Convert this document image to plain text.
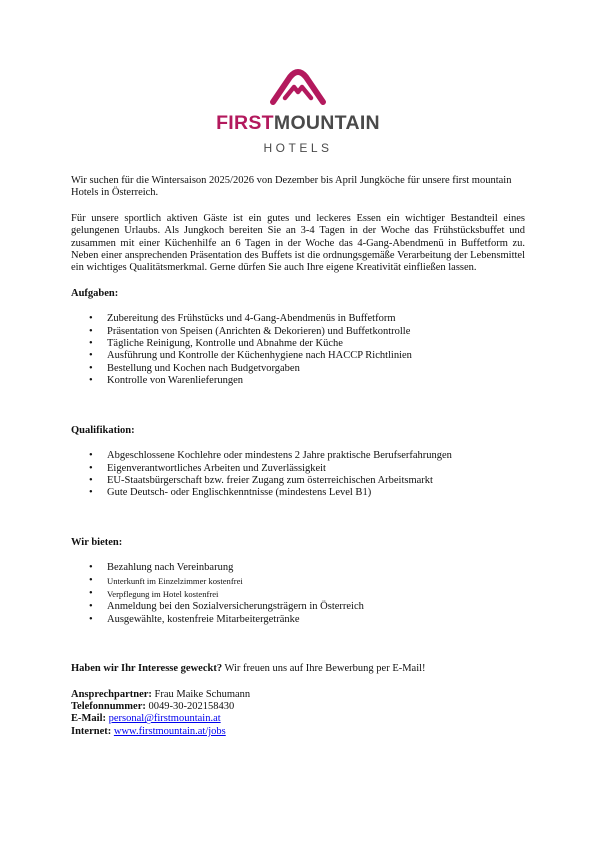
FIRSTMOUNTAIN
HOTELS

Wir suchen für die Wintersaison 2025/2026 von Dezember bis April Jungköche für unsere first mountain Hotels in Österreich.

Für unsere sportlich aktiven Gäste ist ein gutes und leckeres Essen ein wichtiger Bestandteil eines gelungenen Urlaubs. Als Jungkoch bereiten Sie an 3-4 Tagen in der Woche das Frühstücksbuffet und zusammen mit einer Küchenhilfe an 6 Tagen in der Woche das 4-Gang-Abendmenü in Buffetform zu. Neben einer ansprechenden Präsentation des Buffets ist die ordnungsgemäße Verarbeitung der Lebensmittel ein wichtiges Qualitätsmerkmal. Gerne dürfen Sie auch Ihre eigene Kreativität einfließen lassen.

Aufgaben:

• Zubereitung des Frühstücks und 4-Gang-Abendmenüs in Buffetform
• Präsentation von Speisen (Anrichten & Dekorieren) und Buffetkontrolle
• Tägliche Reinigung, Kontrolle und Abnahme der Küche
• Ausführung und Kontrolle der Küchenhygiene nach HACCP Richtlinien
• Bestellung und Kochen nach Budgetvorgaben
• Kontrolle von Warenlieferungen

Qualifikation:

• Abgeschlossene Kochlehre oder mindestens 2 Jahre praktische Berufserfahrungen
• Eigenverantwortliches Arbeiten und Zuverlässigkeit
• EU-Staatsbürgerschaft bzw. freier Zugang zum österreichischen Arbeitsmarkt
• Gute Deutsch- oder Englischkenntnisse (mindestens Level B1)

Wir bieten:

• Bezahlung nach Vereinbarung
• Unterkunft im Einzelzimmer kostenfrei
• Verpflegung im Hotel kostenfrei
• Anmeldung bei den Sozialversicherungsträgern in Österreich
• Ausgewählte, kostenfreie Mitarbeitergetränke

Haben wir Ihr Interesse geweckt? Wir freuen uns auf Ihre Bewerbung per E-Mail!

Ansprechpartner: Frau Maike Schumann

Telefonnummer: 0049-30-202158430

E-Mail: personal@firstmountain.at

Internet: www.firstmountain.at/jobs
